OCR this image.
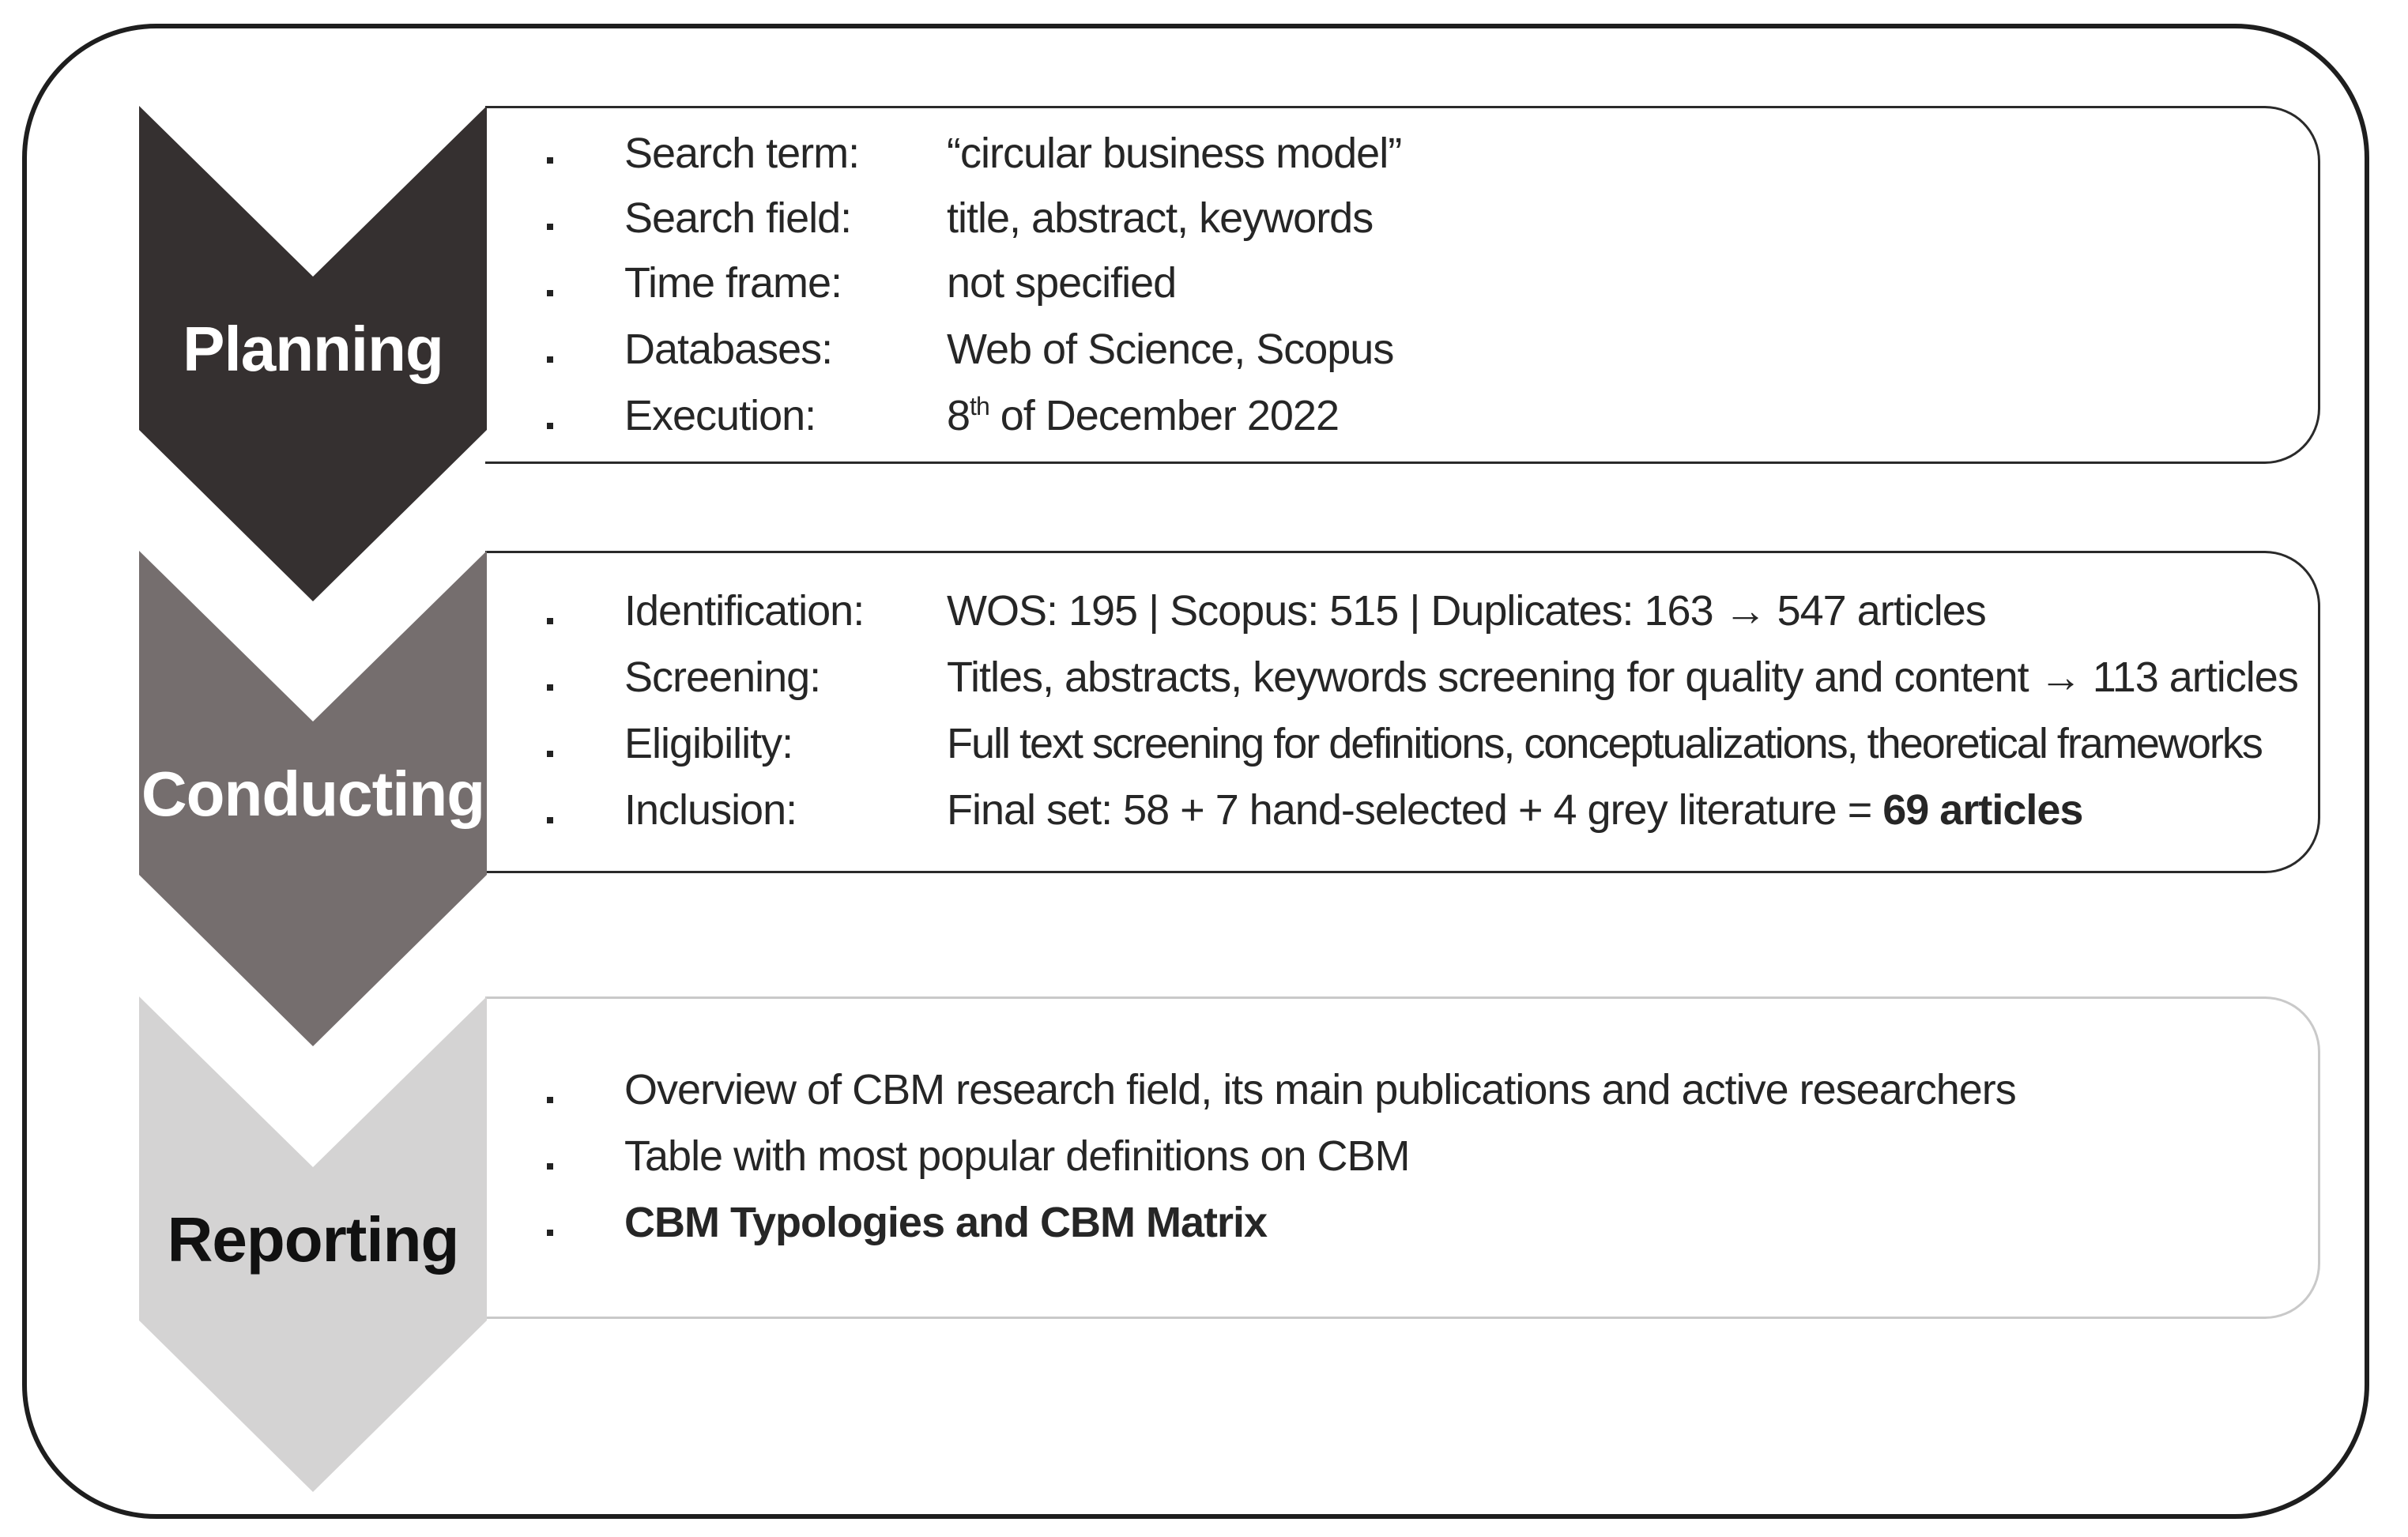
Search term: “circular business model”
Search field: title, abstract, keywords
Time frame: not specified
Databases:	Web of Science, Scopus
Execution:	8th of December 2022
Identification: WOS: 195 | Scopus: 515 | Duplicates: 163 → 547 articles
Screening:	Titles, abstracts, keywords screening for quality and content → 113 articles
Eligibility:	Full text screening for definitions, conceptualizations, theoretical frameworks
Inclusion:	Final set: 58 + 7 hand-selected + 4 grey literature = 69 articles
Overview of CBM research field, its main publications and active researchers
Table with most popular definitions on CBM
CBM Typologies and CBM Matrix
Planning
Conducting
Reporting
